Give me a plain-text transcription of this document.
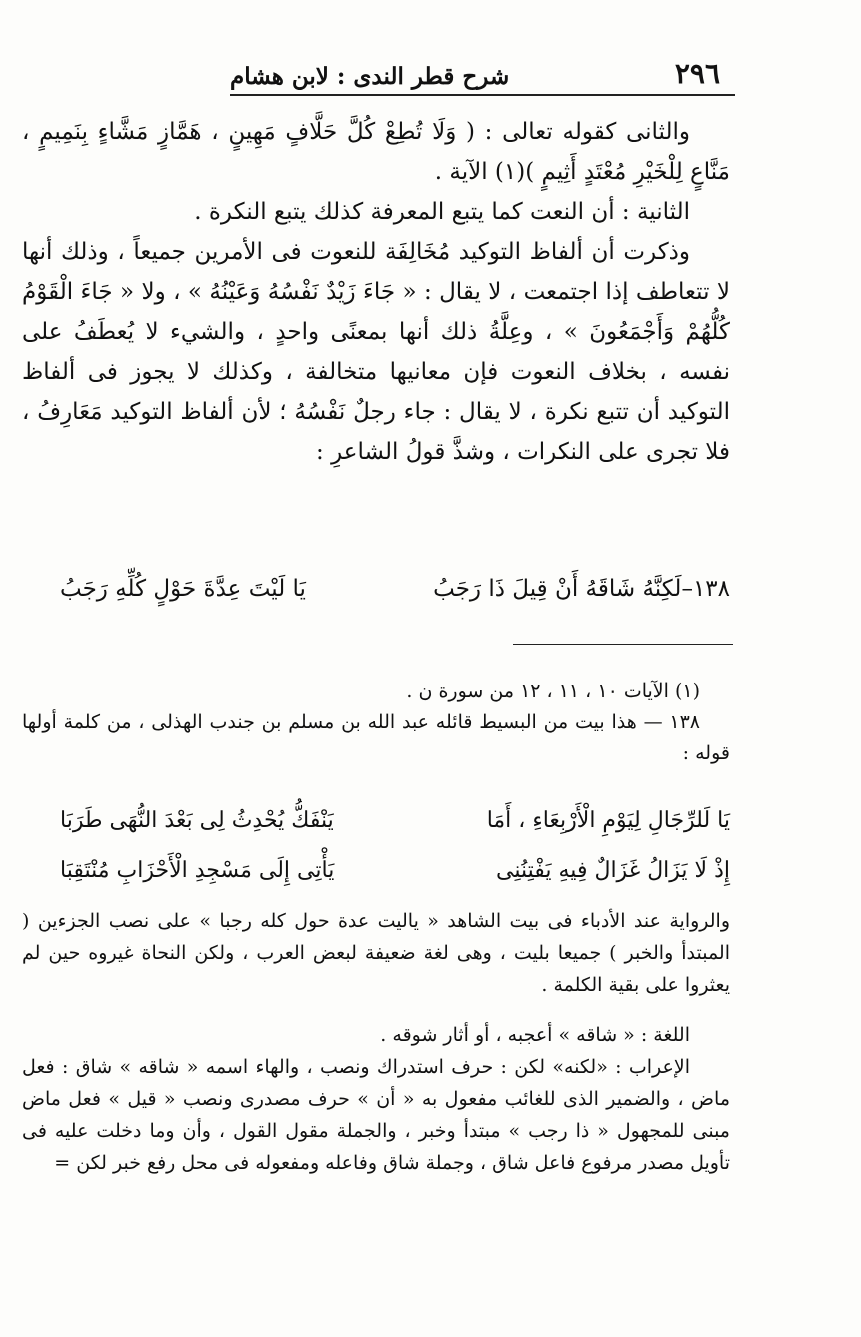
٢٩٦
شرح قطر الندى : لابن هشام

والثانى كقوله تعالى : ( وَلَا تُطِعْ كُلَّ حَلَّافٍ مَهِينٍ ، هَمَّازٍ مَشَّاءٍ بِنَمِيمٍ ، مَنَّاعٍ لِلْخَيْرِ مُعْتَدٍ أَثِيمٍ )(١) الآية .

الثانية : أن النعت كما يتبع المعرفة كذلك يتبع النكرة .

وذكرت أن ألفاظ التوكيد مُخَالِفَة للنعوت فى الأمرين جميعاً ، وذلك أنها لا تتعاطف إذا اجتمعت ، لا يقال : « جَاءَ زَيْدٌ نَفْسُهُ وَعَيْنُهُ » ، ولا « جَاءَ الْقَوْمُ كُلُّهُمْ وَأَجْمَعُونَ » ، وعِلَّةُ ذلك أنها بمعنًى واحدٍ ، والشيء لا يُعطَفُ على نفسه ، بخلاف النعوت فإن معانيها متخالفة ، وكذلك لا يجوز فى ألفاظ التوكيد أن تتبع نكرة ، لا يقال : جاء رجلٌ نَفْسُهُ ؛ لأن ألفاظ التوكيد مَعَارِفُ ، فلا تجرى على النكرات ، وشذَّ قولُ الشاعرِ :

١٣٨–لَكِنَّهُ شَاقَهُ أَنْ قِيلَ ذَا رَجَبُ
يَا لَيْتَ عِدَّةَ حَوْلٍ كُلِّهِ رَجَبُ

(١) الآيات ١٠ ، ١١ ، ١٢ من سورة ن .

١٣٨ — هذا بيت من البسيط قائله عبد الله بن مسلم بن جندب الهذلى ، من كلمة أولها قوله :

يَا لَلرِّجَالِ لِيَوْمِ الْأَرْبِعَاءِ ، أَمَا
يَنْفَكُّ يُحْدِثُ لِى بَعْدَ النُّهَى طَرَبَا
إِذْ لَا يَزَالُ غَزَالٌ فِيهِ يَفْتِنُنِى
يَأْتِى إِلَى مَسْجِدِ الْأَحْزَابِ مُنْتَقِبَا

والرواية عند الأدباء فى بيت الشاهد « ياليت عدة حول كله رجبا » على نصب الجزءين ( المبتدأ والخبر ) جميعا بليت ، وهى لغة ضعيفة لبعض العرب ، ولكن النحاة غيروه حين لم يعثروا على بقية الكلمة .

اللغة : « شاقه » أعجبه ، أو أثار شوقه .

الإعراب : «لكنه» لكن : حرف استدراك ونصب ، والهاء اسمه « شاقه » شاق : فعل ماض ، والضمير الذى للغائب مفعول به « أن » حرف مصدرى ونصب « قيل » فعل ماض مبنى للمجهول « ذا رجب » مبتدأ وخبر ، والجملة مقول القول ، وأن وما دخلت عليه فى تأويل مصدر مرفوع فاعل شاق ، وجملة شاق وفاعله ومفعوله فى محل رفع خبر لكن =
